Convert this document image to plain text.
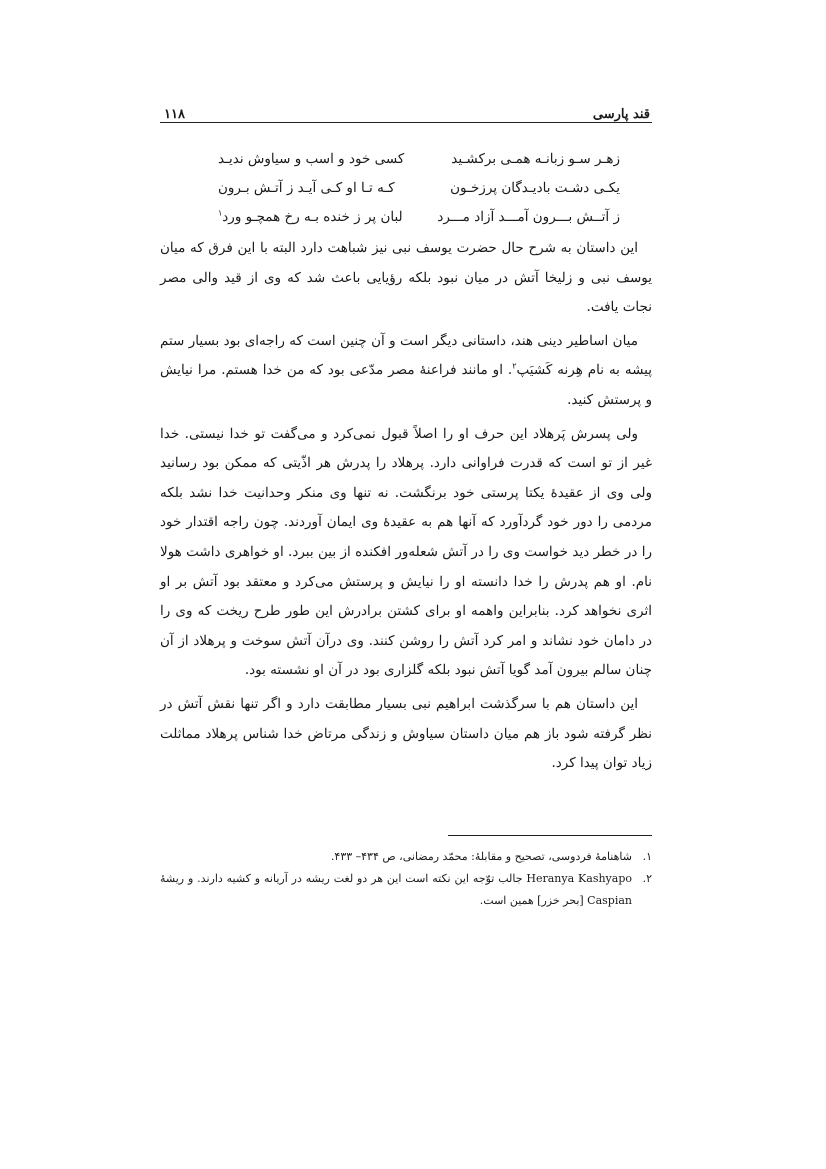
قند پارسی
۱۱۸
زهـر سـو زبانـه همـی برکشـید
کسی خود و اسب و سیاوش ندیـد
یکـی دشـت بادیـدگان پرزخـون
کـه تـا او کـی آیـد ز آتـش بـرون
ز آتــش بـــرون آمـــد آزاد مـــرد
لبان پر ز خنده بـه رخ همچـو ورد$^۱$

این داستان به شرح حال حضرت یوسف نبی نیز شباهت دارد البته با این فرق که میان یوسف نبی و زلیخا آتش در میان نبود بلکه رؤیایی باعث شد که وی از قید والی مصر نجات یافت.

میان اساطیر دینی هند، داستانی دیگر است و آن چنین است که راجه‌ای بود بسیار ستم پیشه به نام هِرنه کَشیَپ$^۲$. او مانند فراعنهٔ مصر مدّعی بود که من خدا هستم. مرا نیایش و پرستش کنید.

ولی پسرش پَرهلاد این حرف او را اصلاً قبول نمی‌کرد و می‌گفت تو خدا نیستی. خدا غیر از تو است که قدرت فراوانی دارد. پرهلاد را پدرش هر اذّیتی که ممکن بود رسانید ولی وی از عقیدهٔ یکتا پرستی خود برنگشت. نه تنها وی منکر وحدانیت خدا نشد بلکه مردمی را دور خود گردآورد که آنها هم به عقیدهٔ وی ایمان آوردند. چون راجه اقتدار خود را در خطر دید خواست وی را در آتش شعله‌ور افکنده از بین ببرد. او خواهری داشت هولا نام. او هم پدرش را خدا دانسته او را نیایش و پرستش می‌کرد و معتقد بود آتش بر او اثری نخواهد کرد. بنابراین واهمه او برای کشتن برادرش این طور طرح ریخت که وی را در دامان خود نشاند و امر کرد آتش را روشن کنند. وی درآن آتش سوخت و پرهلاد از آن چنان سالم بیرون آمد گویا آتش نبود بلکه گلزاری بود در آن او نشسته بود.

این داستان هم با سرگذشت ابراهیم نبی بسیار مطابقت دارد و اگر تنها نقش آتش در نظر گرفته شود باز هم میان داستان سیاوش و زندگی مرتاض خدا شناس پرهلاد مماثلت زیاد توان پیدا کرد.

۱.
شاهنامهٔ فردوسی، تصحیح و مقابلهٔ: محمّد رمضانی، ص ۴۳۴– ۴۳۳.
۲.
Heranya Kashyapo جالب توّجه این نکته است این هر دو لغت ریشه در آریانه و کشیه دارند. و ریشهٔ Caspian [بحر خزر] همین است.
